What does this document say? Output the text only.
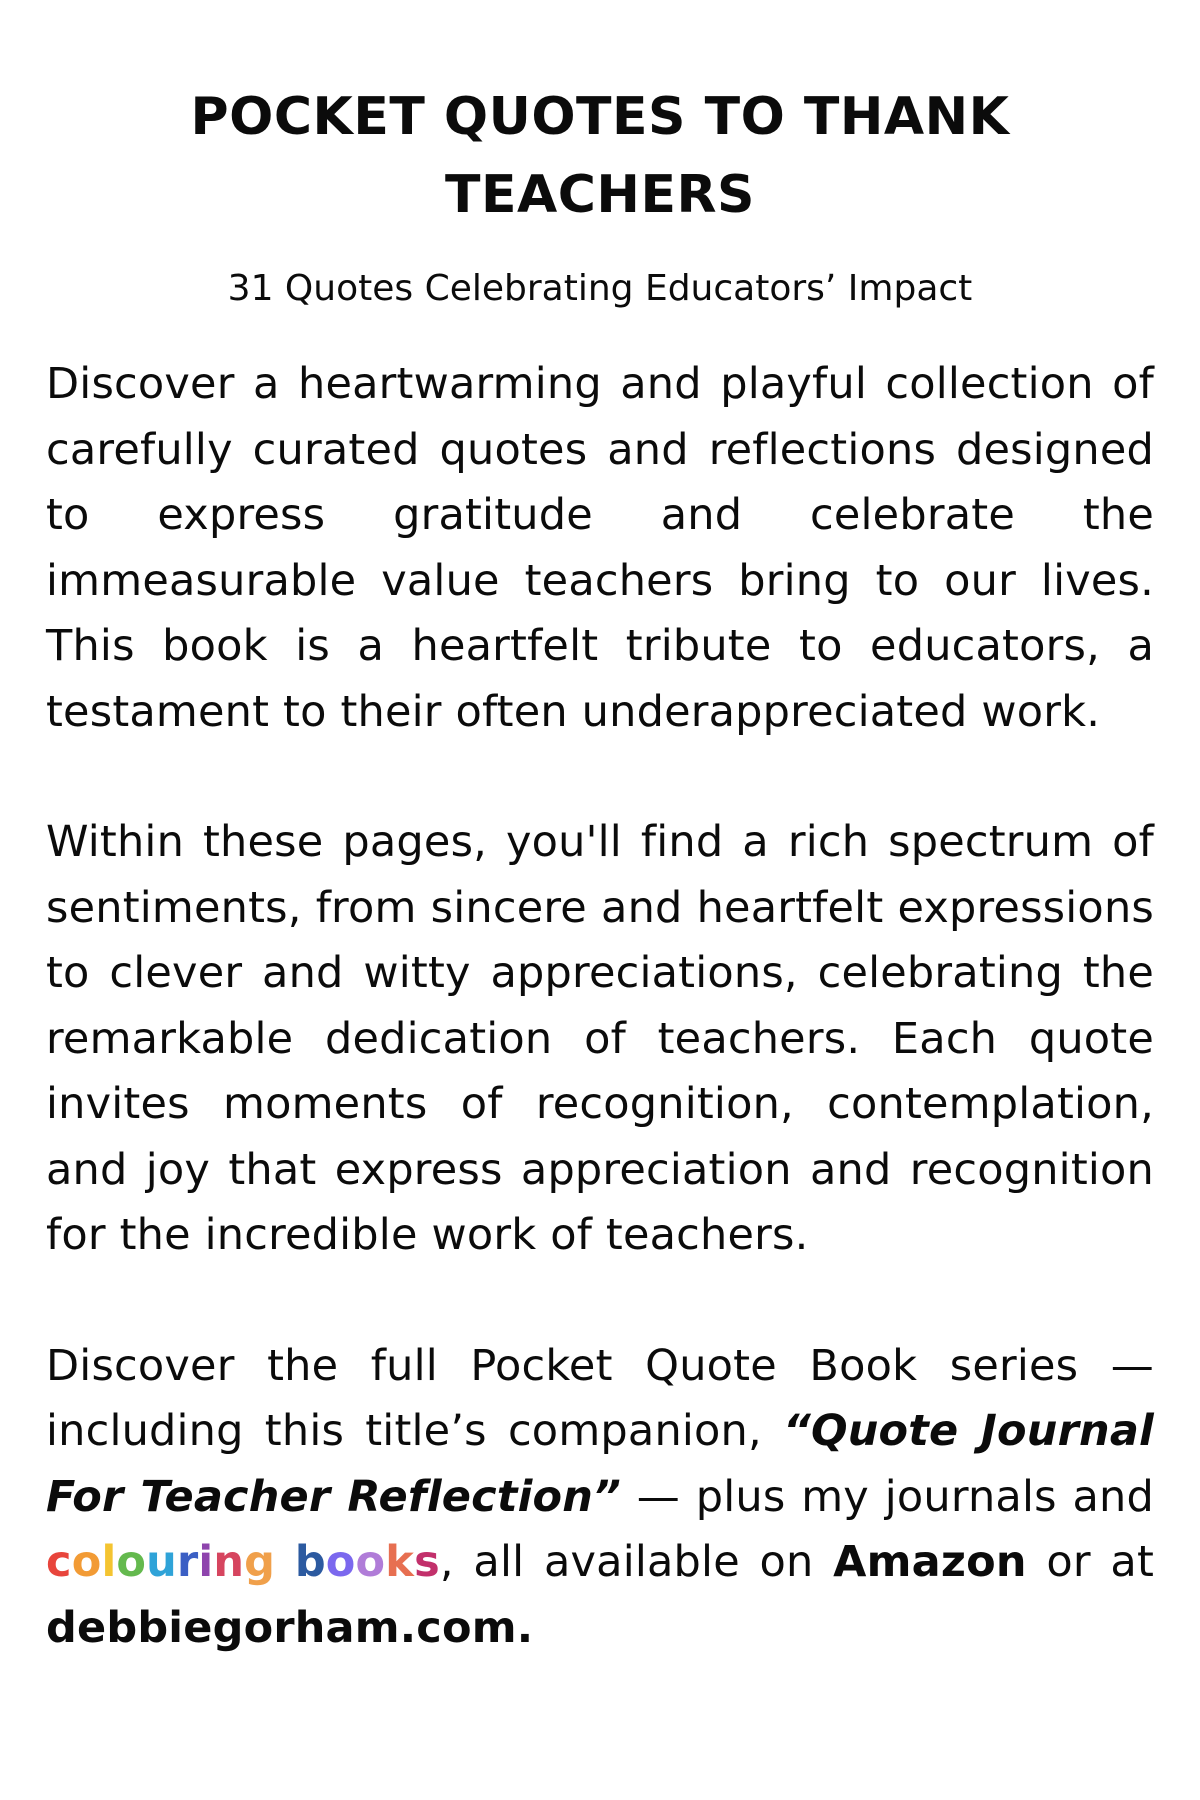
POCKET QUOTES TO THANK TEACHERS

31 Quotes Celebrating Educators’ Impact

Discover a heartwarming and playful collection of carefully curated quotes and reflections designed to express gratitude and celebrate the immeasurable value teachers bring to our lives. This book is a heartfelt tribute to educators, a testament to their often underappreciated work.

Within these pages, you'll find a rich spectrum of sentiments, from sincere and heartfelt expressions to clever and witty appreciations, celebrating the remarkable dedication of teachers. Each quote invites moments of recognition, contemplation, and joy that express appreciation and recognition for the incredible work of teachers.

Discover the full Pocket Quote Book series — including this title’s companion, “Quote Journal For Teacher Reflection” — plus my journals and colouring books, all available on Amazon or at debbiegorham.com.
